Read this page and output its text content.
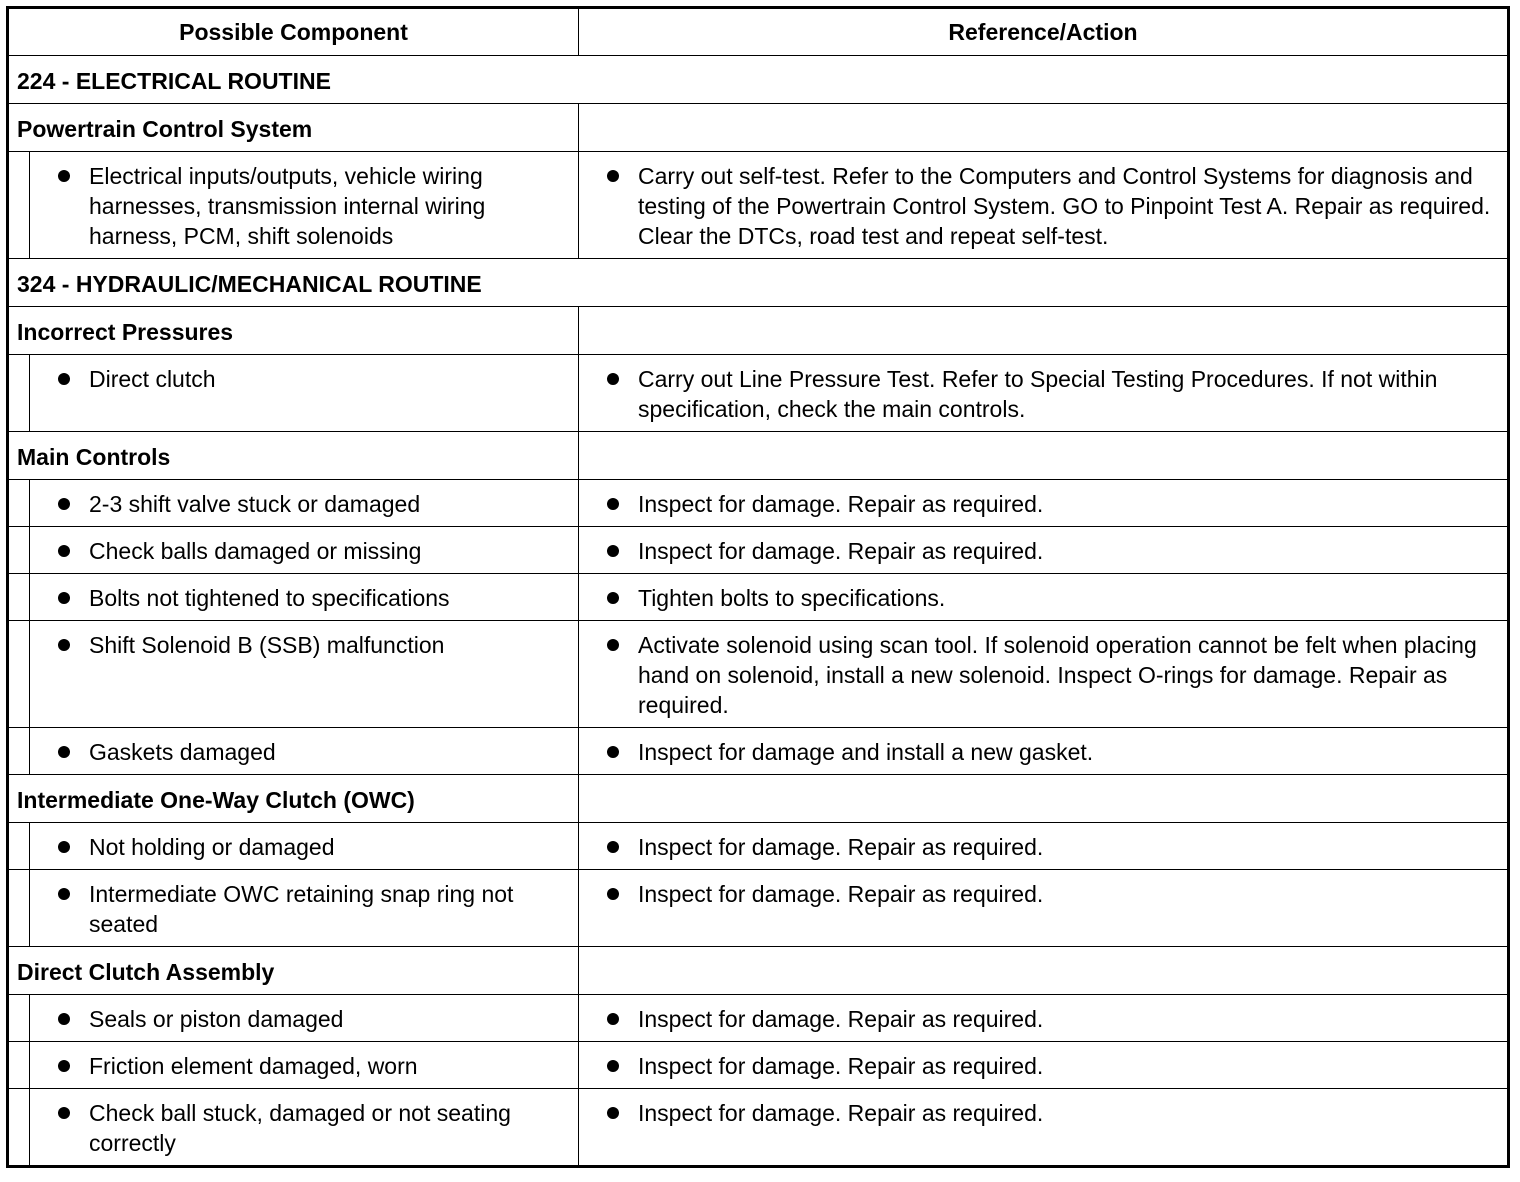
Possible Component		Reference/Action
224 - ELECTRICAL ROUTINE		
Powertrain Control System		

	Electrical inputs/outputs, vehicle wiring harnesses, transmission internal wiring harness, PCM, shift solenoids	Carry out self-test. Refer to the Computers and Control Systems for diagnosis and testing of the Powertrain Control System. GO to Pinpoint Test A. Repair as required. Clear the DTCs, road test and repeat self-test.

324 - HYDRAULIC/MECHANICAL ROUTINE		
Incorrect Pressures		

	Direct clutch	Carry out Line Pressure Test. Refer to Special Testing Procedures. If not within specification, check the main controls.

Main Controls		

	2-3 shift valve stuck or damaged	Inspect for damage. Repair as required.

	Check balls damaged or missing	Inspect for damage. Repair as required.

	Bolts not tightened to specifications	Tighten bolts to specifications.

	Shift Solenoid B (SSB) malfunction	Activate solenoid using scan tool. If solenoid operation cannot be felt when placing hand on solenoid, install a new solenoid. Inspect O-rings for damage. Repair as required.

	Gaskets damaged	Inspect for damage and install a new gasket.

Intermediate One-Way Clutch (OWC)		

	Not holding or damaged	Inspect for damage. Repair as required.

	Intermediate OWC retaining snap ring not seated	Inspect for damage. Repair as required.

Direct Clutch Assembly		

	Seals or piston damaged	Inspect for damage. Repair as required.

	Friction element damaged, worn	Inspect for damage. Repair as required.

	Check ball stuck, damaged or not seating correctly	Inspect for damage. Repair as required.
